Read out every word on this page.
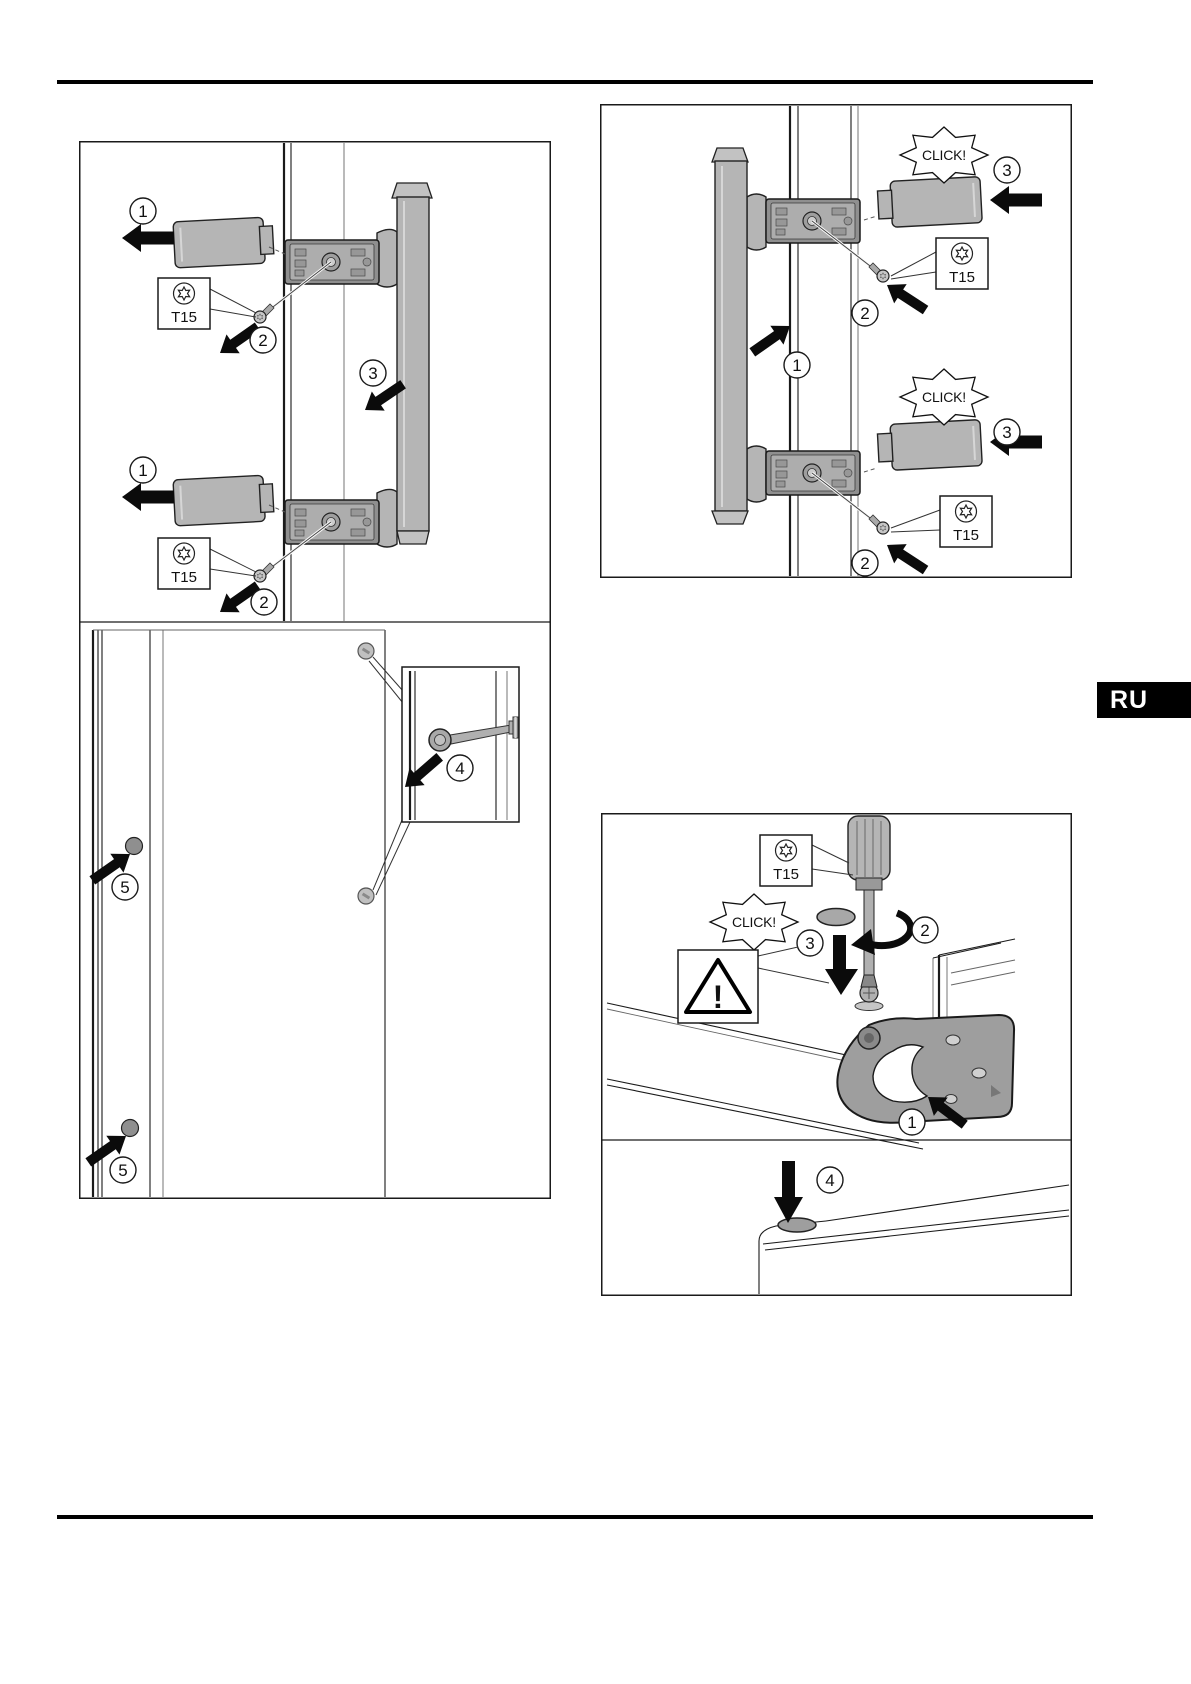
RU
1
1
T15
T15
2
2
3
4
5
5
1
T15
T15
2
2
CLICK!
3
CLICK!
3
T15
2
CLICK!
3
!
1
4
